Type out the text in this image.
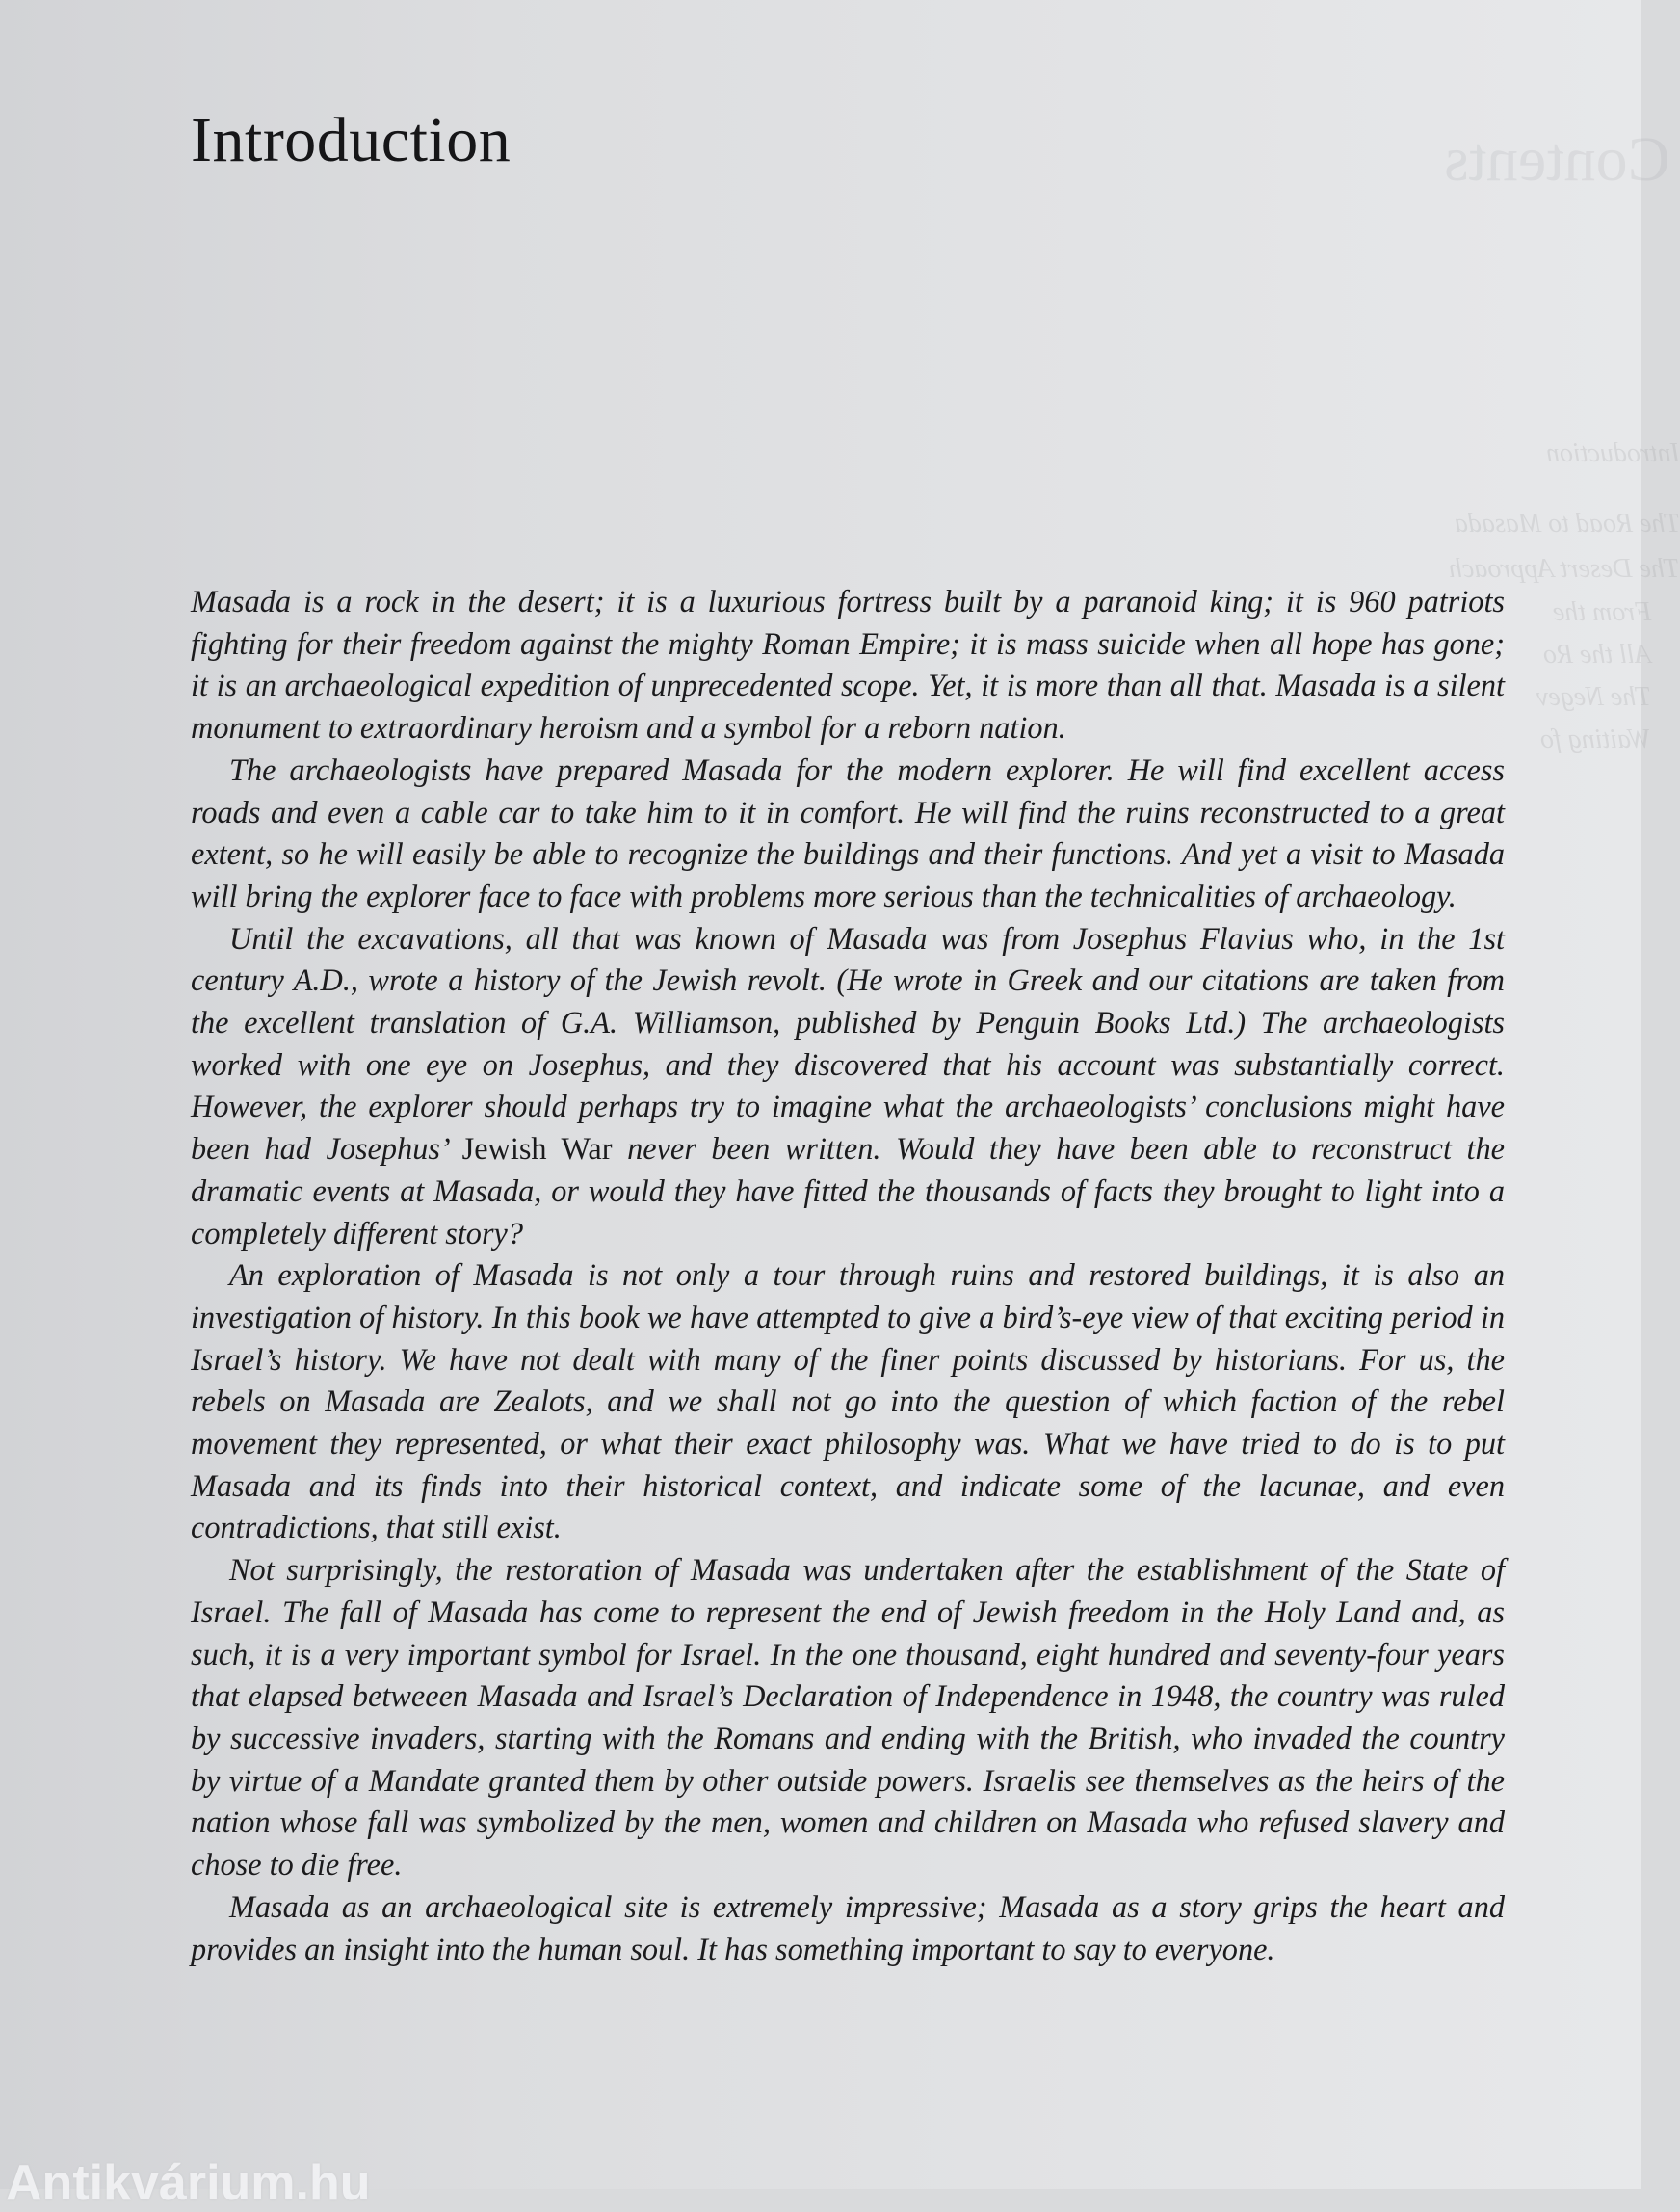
Contents
Introduction
The Road to Masada
The Desert Approach
From the
All the Ro
The Negev
Waiting fo
Introduction

Masada is a rock in the desert; it is a luxurious fortress built by a paranoid king; it is 960 patriots fighting for their freedom against the mighty Roman Empire; it is mass suicide when all hope has gone; it is an archaeological expedition of unprecedented scope. Yet, it is more than all that. Masada is a silent monument to extraordinary heroism and a symbol for a reborn nation.

The archaeologists have prepared Masada for the modern explorer. He will find excellent access roads and even a cable car to take him to it in comfort. He will find the ruins reconstructed to a great extent, so he will easily be able to recognize the buildings and their functions. And yet a visit to Masada will bring the explorer face to face with problems more serious than the technicalities of archaeology.

Until the excavations, all that was known of Masada was from Josephus Flavius who, in the 1st century A.D., wrote a history of the Jewish revolt. (He wrote in Greek and our citations are taken from the excellent translation of G.A. Williamson, published by Penguin Books Ltd.) The archaeologists worked with one eye on Josephus, and they discovered that his account was substantially correct. However, the explorer should perhaps try to imagine what the archaeologists’ conclusions might have been had Josephus’ Jewish War never been written. Would they have been able to reconstruct the dramatic events at Masada, or would they have fitted the thousands of facts they brought to light into a completely different story?

An exploration of Masada is not only a tour through ruins and restored buildings, it is also an investigation of history. In this book we have attempted to give a bird’s-eye view of that exciting period in Israel’s history. We have not dealt with many of the finer points discussed by historians. For us, the rebels on Masada are Zealots, and we shall not go into the question of which faction of the rebel movement they represented, or what their exact philosophy was. What we have tried to do is to put Masada and its finds into their historical context, and indicate some of the lacunae, and even contradictions, that still exist.

Not surprisingly, the restoration of Masada was undertaken after the establishment of the State of Israel. The fall of Masada has come to represent the end of Jewish freedom in the Holy Land and, as such, it is a very important symbol for Israel. In the one thousand, eight hundred and seventy-four years that elapsed betweeen Masada and Israel’s Declaration of Independence in 1948, the country was ruled by successive invaders, starting with the Romans and ending with the British, who invaded the country by virtue of a Mandate granted them by other outside powers. Israelis see themselves as the heirs of the nation whose fall was symbolized by the men, women and children on Masada who refused slavery and chose to die free.

Masada as an archaeological site is extremely impressive; Masada as a story grips the heart and provides an insight into the human soul. It has something important to say to everyone.

Antikvárium.hu
